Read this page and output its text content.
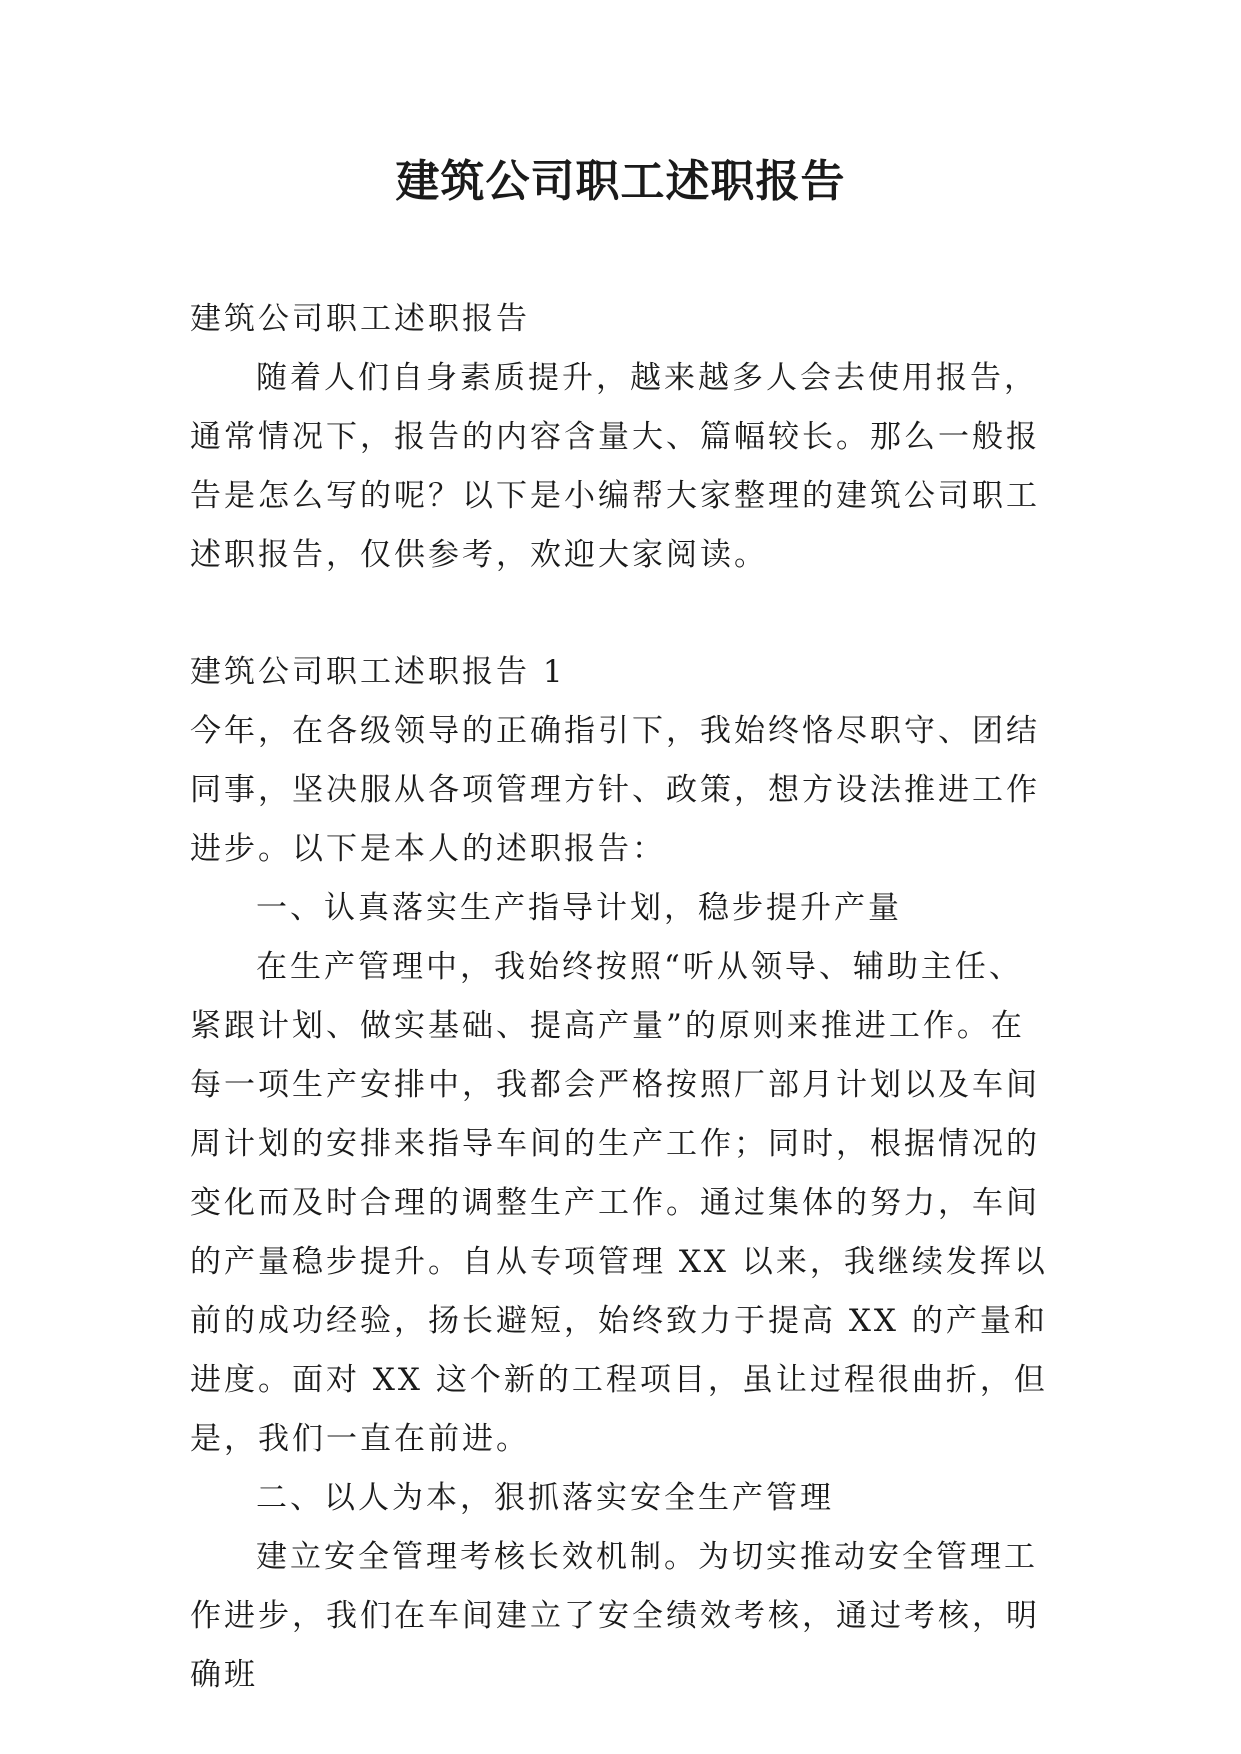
建筑公司职工述职报告

建筑公司职工述职报告

随着人们自身素质提升，越来越多人会去使用报告，通常情况下，报告的内容含量大、篇幅较长。那么一般报告是怎么写的呢？以下是小编帮大家整理的建筑公司职工述职报告，仅供参考，欢迎大家阅读。

建筑公司职工述职报告 1

今年，在各级领导的正确指引下，我始终恪尽职守、团结同事，坚决服从各项管理方针、政策，想方设法推进工作进步。以下是本人的述职报告：

一、认真落实生产指导计划，稳步提升产量

在生产管理中，我始终按照“听从领导、辅助主任、紧跟计划、做实基础、提高产量”的原则来推进工作。在每一项生产安排中，我都会严格按照厂部月计划以及车间周计划的安排来指导车间的生产工作；同时，根据情况的变化而及时合理的调整生产工作。通过集体的努力，车间的产量稳步提升。自从专项管理 XX 以来，我继续发挥以前的成功经验，扬长避短，始终致力于提高 XX 的产量和进度。面对 XX 这个新的工程项目，虽让过程很曲折，但是，我们一直在前进。

二、以人为本，狠抓落实安全生产管理

建立安全管理考核长效机制。为切实推动安全管理工作进步，我们在车间建立了安全绩效考核，通过考核，明确班
